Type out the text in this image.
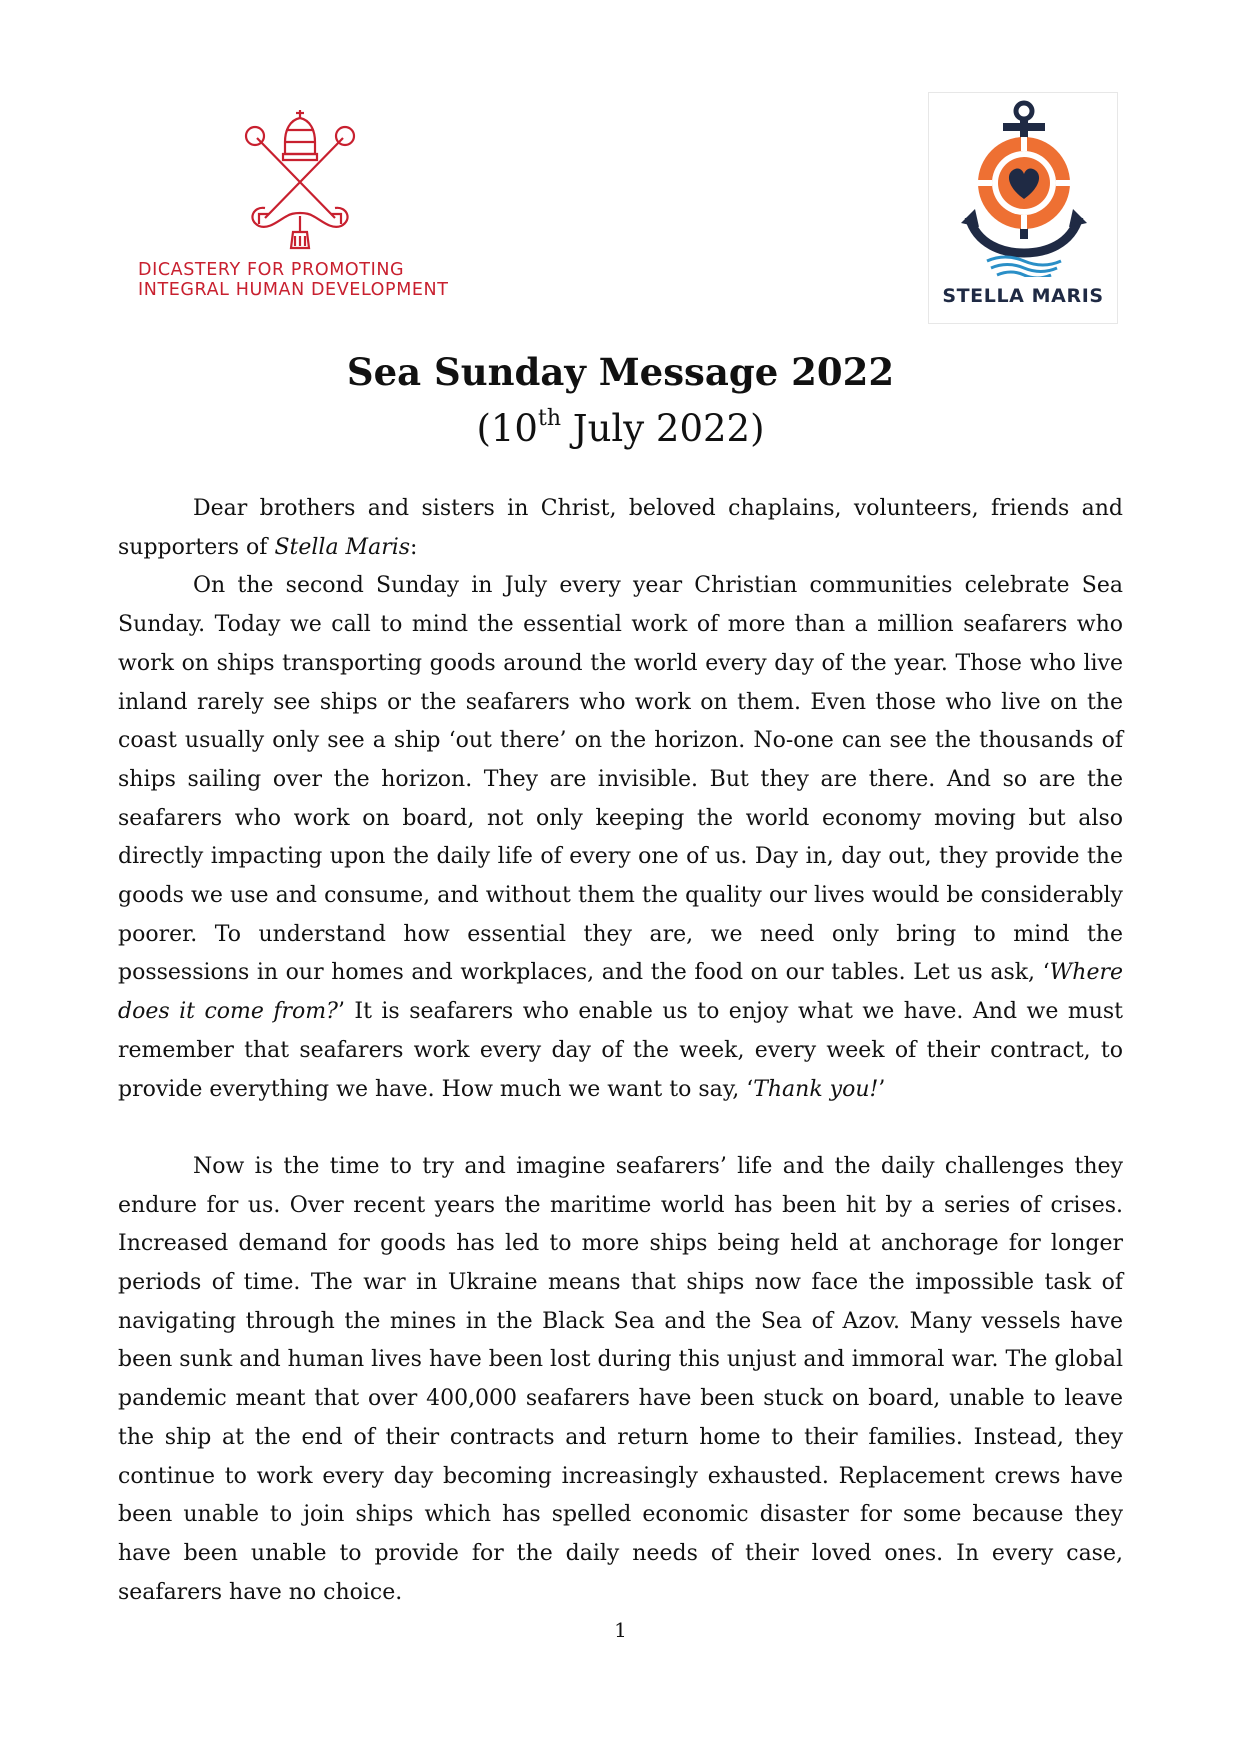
DICASTERY FOR PROMOTING
INTEGRAL HUMAN DEVELOPMENT	STELLA MARIS
Sea Sunday Message 2022
(10th July 2022)

Dear brothers and sisters in Christ, beloved chaplains, volunteers, friends and supporters of Stella Maris:

On the second Sunday in July every year Christian communities celebrate Sea Sunday. Today we call to mind the essential work of more than a million seafarers who work on ships transporting goods around the world every day of the year. Those who live inland rarely see ships or the seafarers who work on them. Even those who live on the coast usually only see a ship ‘out there’ on the horizon. No-one can see the thousands of ships sailing over the horizon. They are invisible. But they are there. And so are the seafarers who work on board, not only keeping the world economy moving but also directly impacting upon the daily life of every one of us. Day in, day out, they provide the goods we use and consume, and without them the quality our lives would be considerably poorer. To understand how essential they are, we need only bring to mind the possessions in our homes and workplaces, and the food on our tables. Let us ask, ‘Where does it come from?’ It is seafarers who enable us to enjoy what we have. And we must remember that seafarers work every day of the week, every week of their contract, to provide everything we have. How much we want to say, ‘Thank you!’

Now is the time to try and imagine seafarers’ life and the daily challenges they endure for us. Over recent years the maritime world has been hit by a series of crises. Increased demand for goods has led to more ships being held at anchorage for longer periods of time. The war in Ukraine means that ships now face the impossible task of navigating through the mines in the Black Sea and the Sea of Azov. Many vessels have been sunk and human lives have been lost during this unjust and immoral war. The global pandemic meant that over 400,000 seafarers have been stuck on board, unable to leave the ship at the end of their contracts and return home to their families. Instead, they continue to work every day becoming increasingly exhausted. Replacement crews have been unable to join ships which has spelled economic disaster for some because they have been unable to provide for the daily needs of their loved ones. In every case, seafarers have no choice.

1
